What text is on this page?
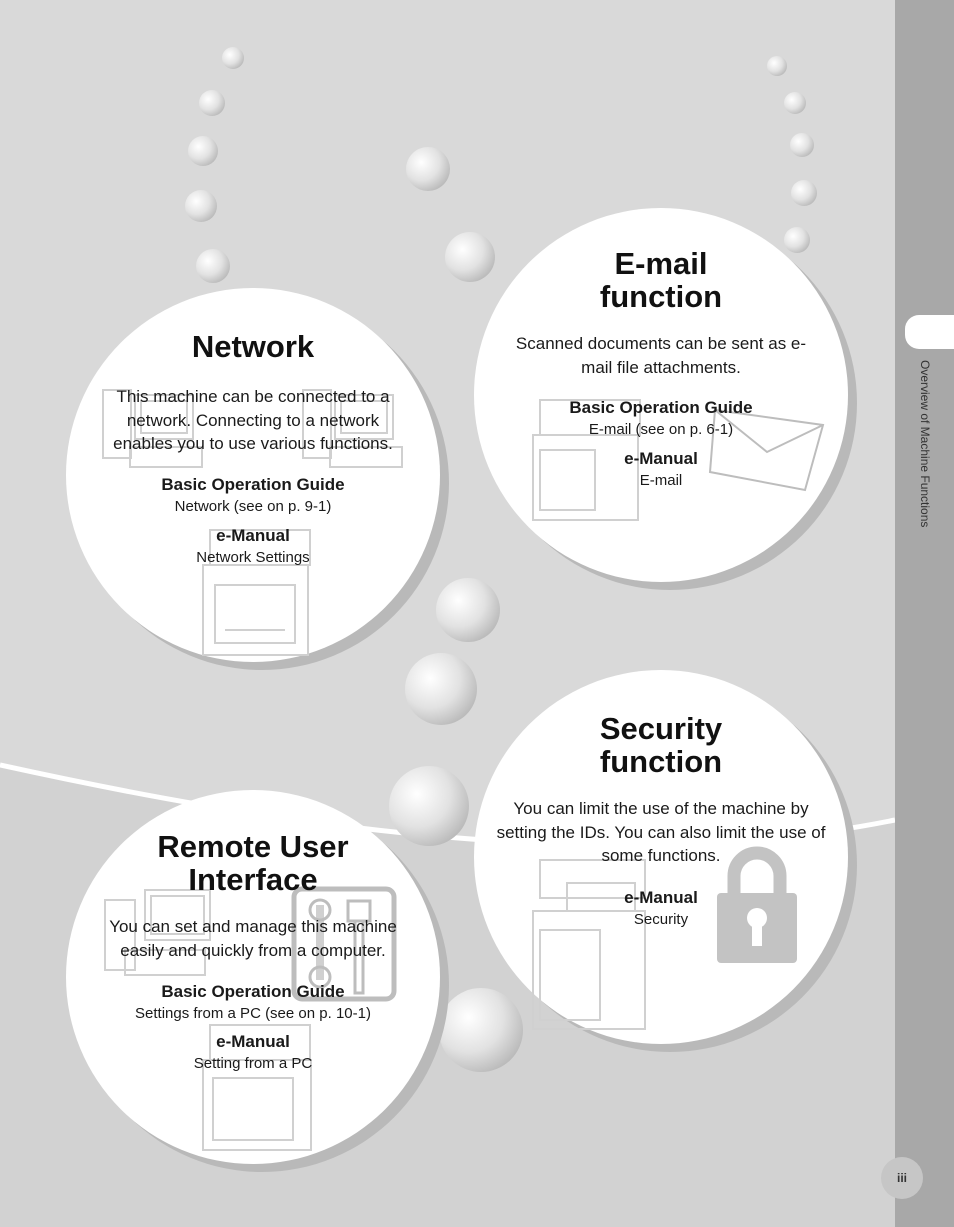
Network

This machine can be connected to a

network. Connecting to a network

enables you to use various functions.

Basic Operation Guide

Network (see on p. 9-1)

e-Manual

Network Settings

E-mail
function

Scanned documents can be sent as e-

mail file attachments.

Basic Operation Guide

E-mail (see on p. 6-1)

e-Manual

E-mail

Security
function

You can limit the use of the machine by

setting the IDs. You can also limit the use of

some functions.

e-Manual

Security

Remote User
Interface

You can set and manage this machine

easily and quickly from a computer.

Basic Operation Guide

Settings from a PC (see on p. 10-1)

e-Manual

Setting from a PC

Overview of Machine Functions
iii
